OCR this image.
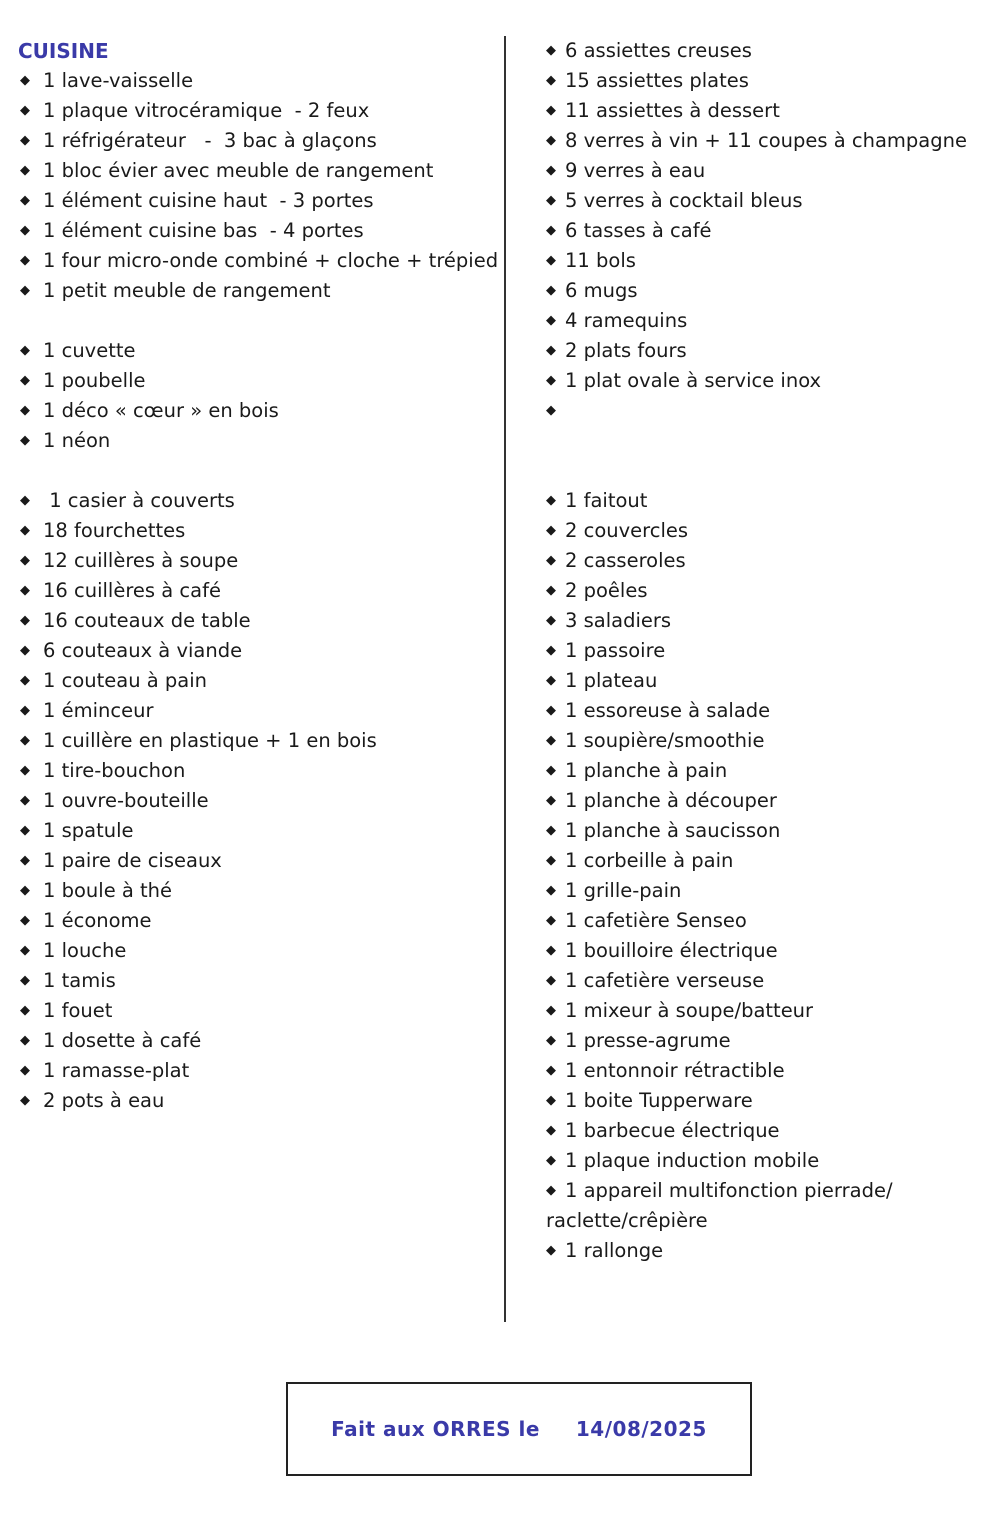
CUISINE
◆ 1 lave-vaisselle
◆ 1 plaque vitrocéramique  - 2 feux
◆ 1 réfrigérateur   -  3 bac à glaçons
◆ 1 bloc évier avec meuble de rangement
◆ 1 élément cuisine haut  - 3 portes
◆ 1 élément cuisine bas  - 4 portes
◆ 1 four micro-onde combiné + cloche + trépied
◆ 1 petit meuble de rangement
◆ 1 cuvette
◆ 1 poubelle
◆ 1 déco « cœur » en bois
◆ 1 néon
◆ 1 casier à couverts
◆ 18 fourchettes
◆ 12 cuillères à soupe
◆ 16 cuillères à café
◆ 16 couteaux de table
◆ 6 couteaux à viande
◆ 1 couteau à pain
◆ 1 éminceur
◆ 1 cuillère en plastique + 1 en bois
◆ 1 tire-bouchon
◆ 1 ouvre-bouteille
◆ 1 spatule
◆ 1 paire de ciseaux
◆ 1 boule à thé
◆ 1 économe
◆ 1 louche
◆ 1 tamis
◆ 1 fouet
◆ 1 dosette à café
◆ 1 ramasse-plat
◆ 2 pots à eau
◆ 6 assiettes creuses
◆ 15 assiettes plates
◆ 11 assiettes à dessert
◆ 8 verres à vin + 11 coupes à champagne
◆ 9 verres à eau
◆ 5 verres à cocktail bleus
◆ 6 tasses à café
◆ 11 bols
◆ 6 mugs
◆ 4 ramequins
◆ 2 plats fours
◆ 1 plat ovale à service inox
◆
◆ 1 faitout
◆ 2 couvercles
◆ 2 casseroles
◆ 2 poêles
◆ 3 saladiers
◆ 1 passoire
◆ 1 plateau
◆ 1 essoreuse à salade
◆ 1 soupière/smoothie
◆ 1 planche à pain
◆ 1 planche à découper
◆ 1 planche à saucisson
◆ 1 corbeille à pain
◆ 1 grille-pain
◆ 1 cafetière Senseo
◆ 1 bouilloire électrique
◆ 1 cafetière verseuse
◆ 1 mixeur à soupe/batteur
◆ 1 presse-agrume
◆ 1 entonnoir rétractible
◆ 1 boite Tupperware
◆ 1 barbecue électrique
◆ 1 plaque induction mobile
◆ 1 appareil multifonction pierrade/
raclette/crêpière
◆ 1 rallonge
Fait aux ORRES le 14/08/2025
